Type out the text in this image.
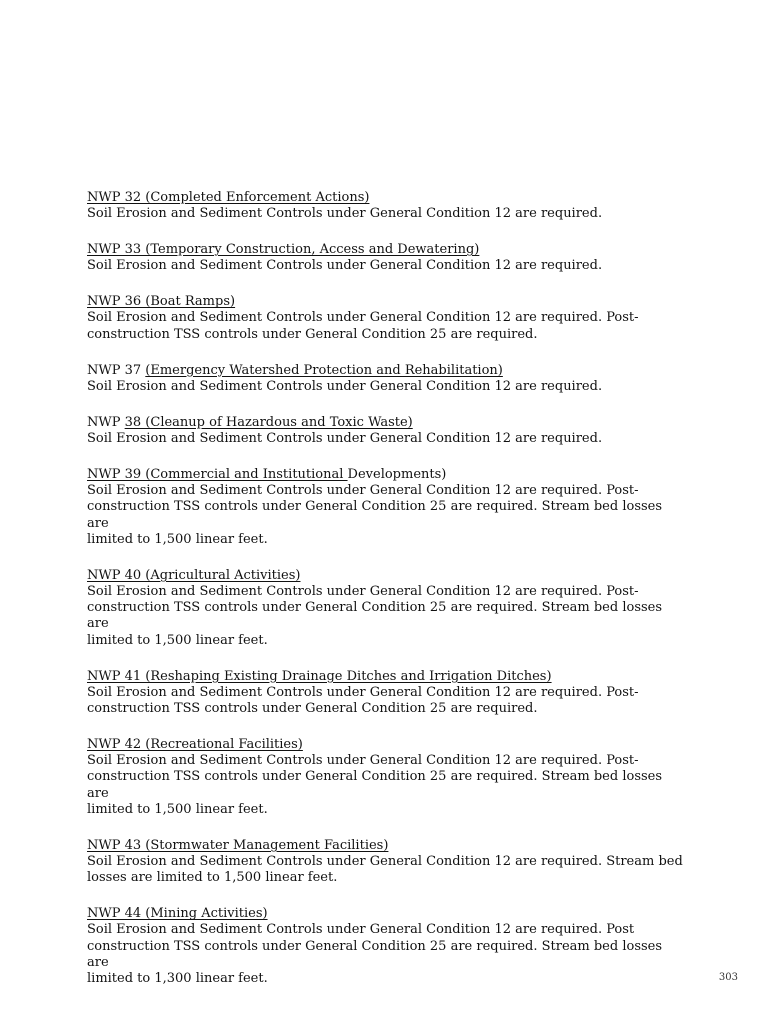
NWP 32 (Completed Enforcement Actions)
Soil Erosion and Sediment Controls under General Condition 12 are required.
NWP 33 (Temporary Construction, Access and Dewatering)
Soil Erosion and Sediment Controls under General Condition 12 are required.
NWP 36 (Boat Ramps)
Soil Erosion and Sediment Controls under General Condition 12 are required. Post-
construction TSS controls under General Condition 25 are required.
NWP 37 (Emergency Watershed Protection and Rehabilitation)
Soil Erosion and Sediment Controls under General Condition 12 are required.
NWP 38 (Cleanup of Hazardous and Toxic Waste)
Soil Erosion and Sediment Controls under General Condition 12 are required.
NWP 39 (Commercial and Institutional Developments)
Soil Erosion and Sediment Controls under General Condition 12 are required. Post-
construction TSS controls under General Condition 25 are required. Stream bed losses are
limited to 1,500 linear feet.
NWP 40 (Agricultural Activities)
Soil Erosion and Sediment Controls under General Condition 12 are required. Post-
construction TSS controls under General Condition 25 are required. Stream bed losses are
limited to 1,500 linear feet.
NWP 41 (Reshaping Existing Drainage Ditches and Irrigation Ditches)
Soil Erosion and Sediment Controls under General Condition 12 are required. Post-
construction TSS controls under General Condition 25 are required.
NWP 42 (Recreational Facilities)
Soil Erosion and Sediment Controls under General Condition 12 are required. Post-
construction TSS controls under General Condition 25 are required. Stream bed losses are
limited to 1,500 linear feet.
NWP 43 (Stormwater Management Facilities)
Soil Erosion and Sediment Controls under General Condition 12 are required. Stream bed
losses are limited to 1,500 linear feet.
NWP 44 (Mining Activities)
Soil Erosion and Sediment Controls under General Condition 12 are required. Post
construction TSS controls under General Condition 25 are required. Stream bed losses are
limited to 1,300 linear feet.	303
